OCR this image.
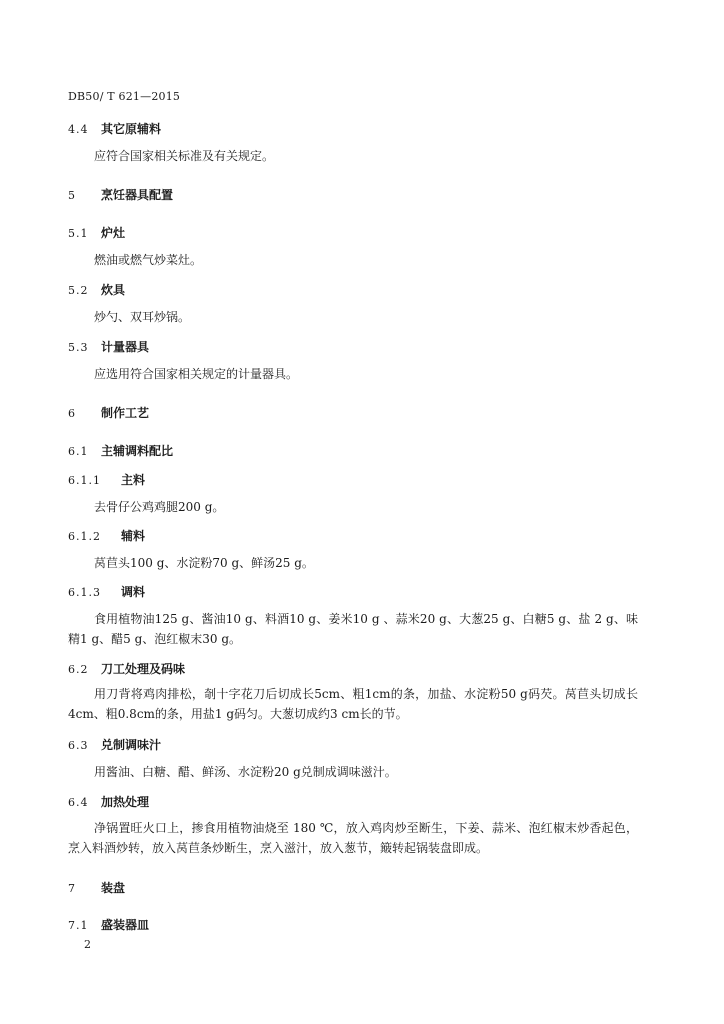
DB50/ T 621—2015
4.4 其它原辅料
应符合国家相关标准及有关规定。
5 烹饪器具配置
5.1 炉灶
燃油或燃气炒菜灶。
5.2 炊具
炒勺、双耳炒锅。
5.3 计量器具
应选用符合国家相关规定的计量器具。
6 制作工艺
6.1 主辅调料配比
6.1.1 主料
去骨仔公鸡鸡腿200 g。
6.1.2 辅料
莴苣头100 g、水淀粉70 g、鲜汤25 g。
6.1.3 调料
食用植物油125 g、酱油10 g、料酒10 g、姜米10 g 、蒜米20 g、大葱25 g、白糖5 g、盐 2 g、味精1 g、醋5 g、泡红椒末30 g。
6.2 刀工处理及码味
用刀背将鸡肉排松，剞十字花刀后切成长5cm、粗1cm的条，加盐、水淀粉50 g码芡。莴苣头切成长4cm、粗0.8cm的条，用盐1 g码匀。大葱切成约3 cm长的节。
6.3 兑制调味汁
用酱油、白糖、醋、鲜汤、水淀粉20 g兑制成调味滋汁。
6.4 加热处理
净锅置旺火口上，掺食用植物油烧至 180 ℃，放入鸡肉炒至断生，下姜、蒜米、泡红椒末炒香起色，烹入料酒炒转，放入莴苣条炒断生，烹入滋汁，放入葱节，簸转起锅装盘即成。
7 装盘
7.1 盛装器皿
2
